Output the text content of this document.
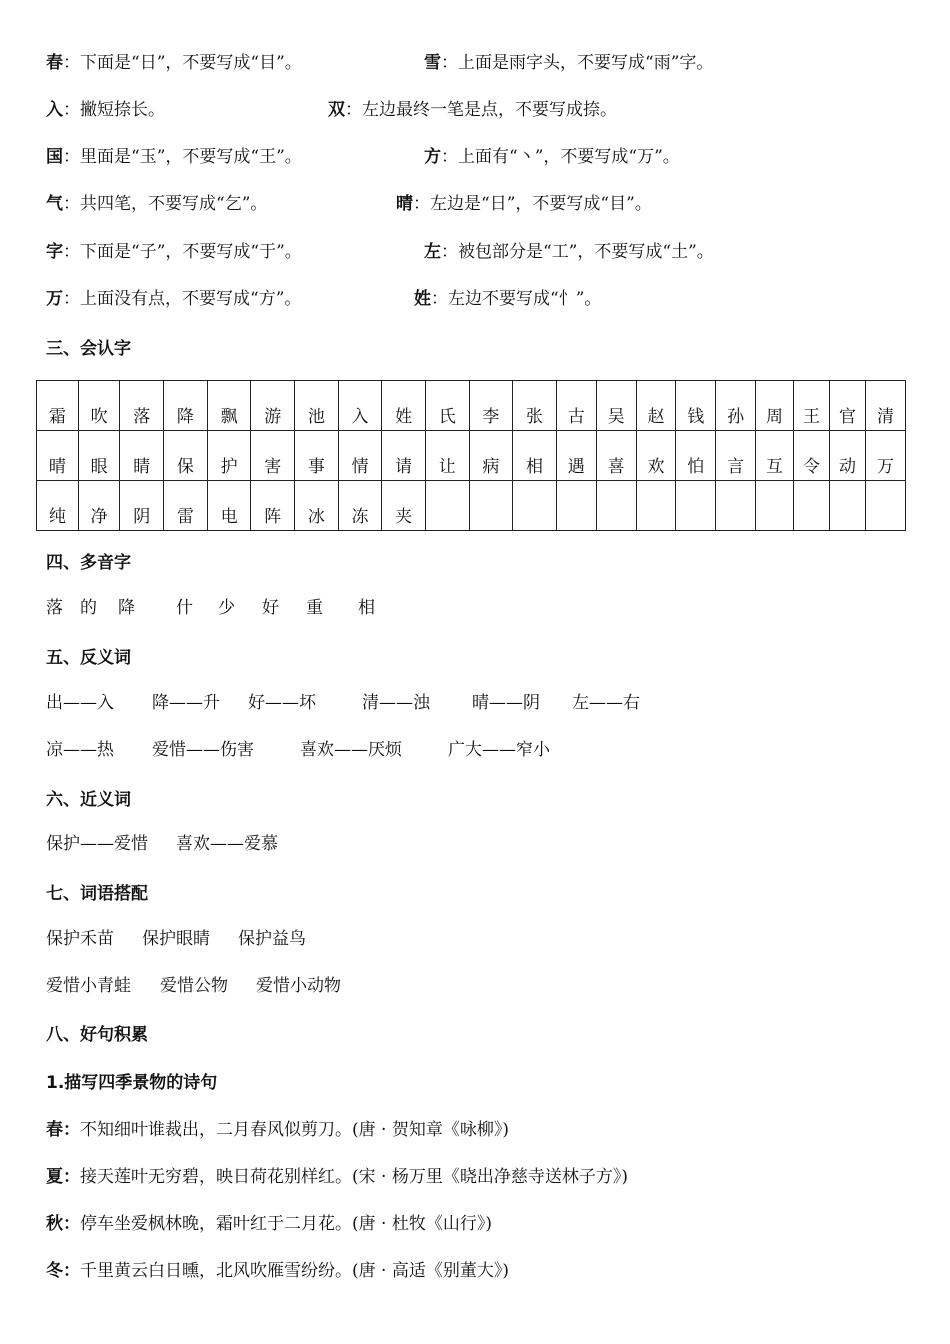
春：下面是“日”，不要写成“目”。	雪：上面是雨字头，不要写成“雨”字。
入：撇短捺长。	双：左边最终一笔是点，不要写成捺。
国：里面是“玉”，不要写成“王”。	方：上面有“丶”，不要写成“万”。
气：共四笔，不要写成“乞”。	晴：左边是“日”，不要写成“目”。
字：下面是“子”，不要写成“于”。	左：被包部分是“工”，不要写成“土”。
万：上面没有点，不要写成“方”。	姓：左边不要写成“忄”。
三、会认字
霜	吹	落	降	飘	游	池	入	姓	氏	李	张	古	吴	赵	钱	孙	周	王	官	清
晴	眼	睛	保	护	害	事	情	请	让	病	相	遇	喜	欢	怕	言	互	令	动	万
纯	净	阴	雷	电	阵	冰	冻	夹												
四、多音字
落 的 降 什 少 好 重 相
五、反义词
出——入 降——升 好——坏	清——浊 晴——阴 左——右
凉——热 爱惜——伤害	喜欢——厌烦	广大——窄小
六、近义词
保护——爱惜 喜欢——爱慕
七、词语搭配
保护禾苗 保护眼睛 保护益鸟
爱惜小青蛙 爱惜公物 爱惜小动物
八、好句积累
1.描写四季景物的诗句
春：不知细叶谁裁出，二月春风似剪刀。(唐 · 贺知章《咏柳》)
夏：接天莲叶无穷碧，映日荷花别样红。(宋 · 杨万里《晓出净慈寺送林子方》)
秋：停车坐爱枫林晚，霜叶红于二月花。(唐 · 杜牧《山行》)
冬：千里黄云白日曛，北风吹雁雪纷纷。(唐 · 高适《别董大》)
